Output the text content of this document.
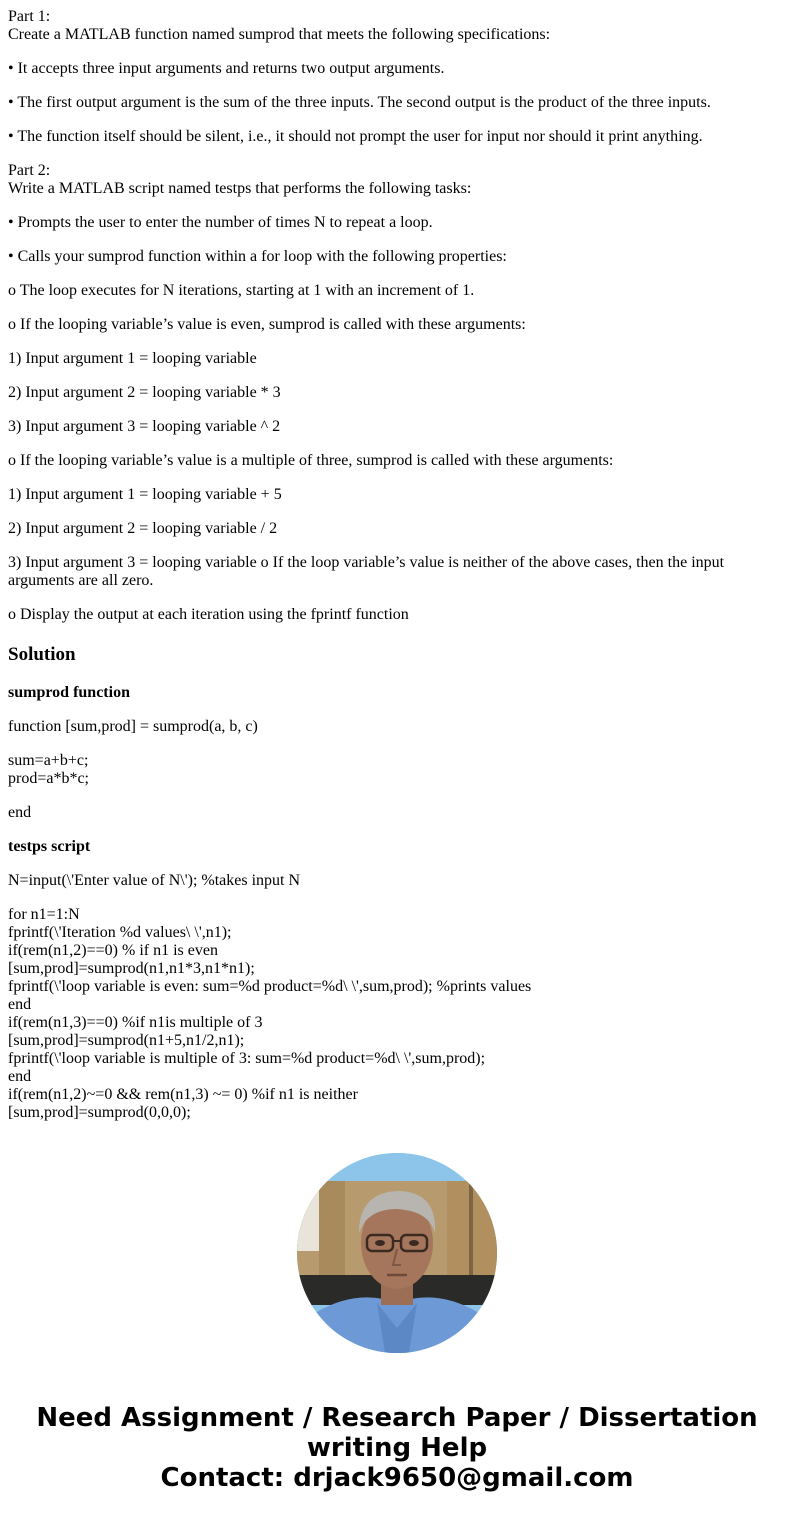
Part 1:
Create a MATLAB function named sumprod that meets the following specifications:

• It accepts three input arguments and returns two output arguments.

• The first output argument is the sum of the three inputs. The second output is the product of the three inputs.

• The function itself should be silent, i.e., it should not prompt the user for input nor should it print anything.

Part 2:
Write a MATLAB script named testps that performs the following tasks:

• Prompts the user to enter the number of times N to repeat a loop.

• Calls your sumprod function within a for loop with the following properties:

o The loop executes for N iterations, starting at 1 with an increment of 1.

o If the looping variable’s value is even, sumprod is called with these arguments:

1) Input argument 1 = looping variable

2) Input argument 2 = looping variable * 3

3) Input argument 3 = looping variable ^ 2

o If the looping variable’s value is a multiple of three, sumprod is called with these arguments:

1) Input argument 1 = looping variable + 5

2) Input argument 2 = looping variable / 2

3) Input argument 3 = looping variable o If the loop variable’s value is neither of the above cases, then the input arguments are all zero.

o Display the output at each iteration using the fprintf function

Solution
sumprod function

function [sum,prod] = sumprod(a, b, c)

sum=a+b+c;
prod=a*b*c;

end

testps script

N=input(\'Enter value of N\'); %takes input N

for n1=1:N
fprintf(\'Iteration %d values\ \',n1);
if(rem(n1,2)==0) % if n1 is even
[sum,prod]=sumprod(n1,n1*3,n1*n1);
fprintf(\'loop variable is even: sum=%d product=%d\ \',sum,prod); %prints values
end
if(rem(n1,3)==0) %if n1is multiple of 3
[sum,prod]=sumprod(n1+5,n1/2,n1);
fprintf(\'loop variable is multiple of 3: sum=%d product=%d\ \',sum,prod);
end
if(rem(n1,2)~=0 && rem(n1,3) ~= 0) %if n1 is neither
[sum,prod]=sumprod(0,0,0);

Need Assignment / Research Paper / Dissertation
writing Help
Contact: drjack9650@gmail.com
